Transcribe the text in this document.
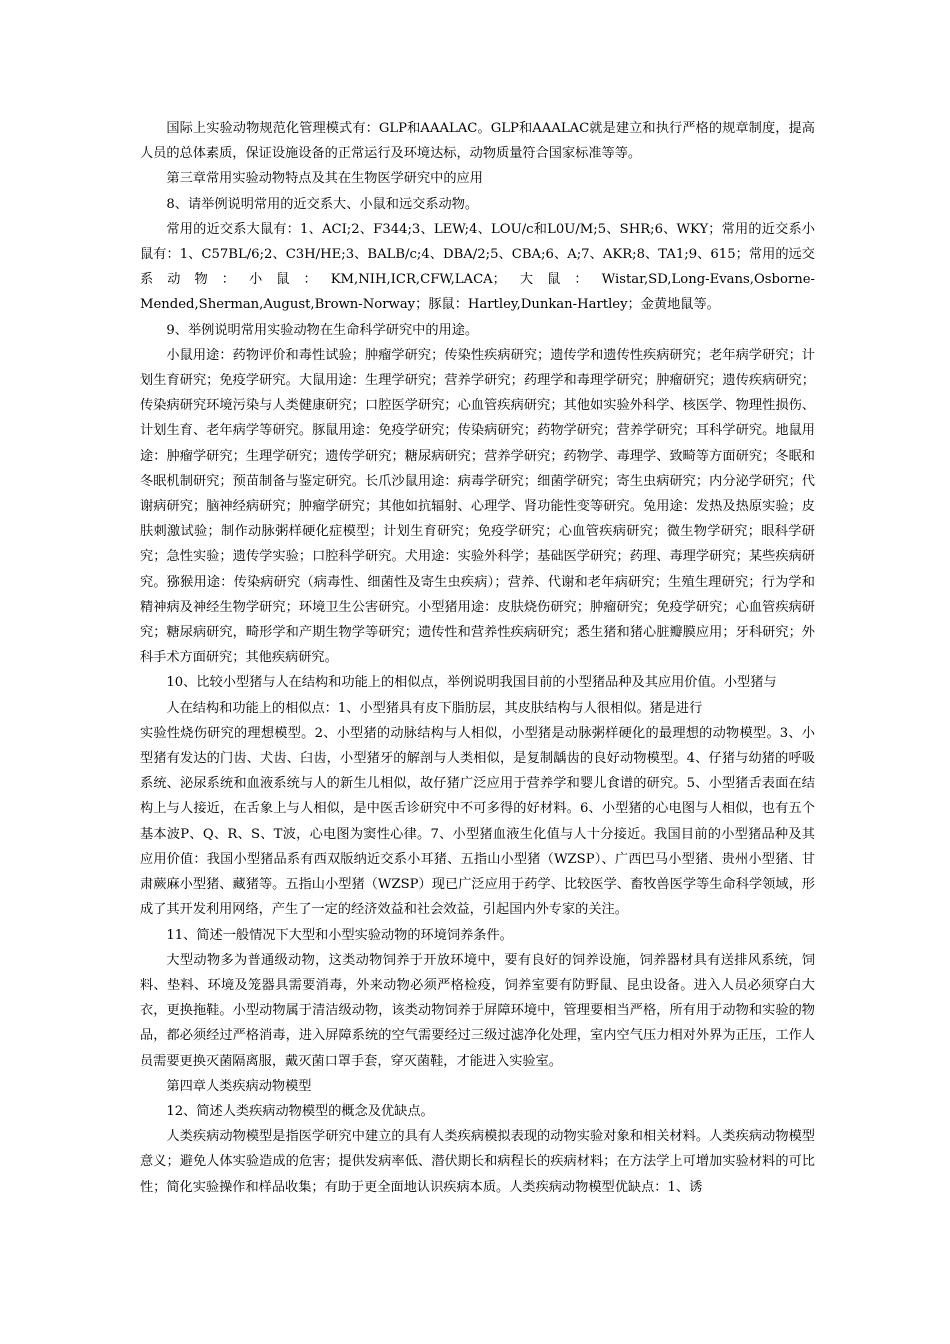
国际上实验动物规范化管理模式有：GLP和AAALAC。GLP和AAALAC就是建立和执行严格的规章制度，提高人员的总体素质，保证设施设备的正常运行及环境达标，动物质量符合国家标准等等。

第三章常用实验动物特点及其在生物医学研究中的应用

8、请举例说明常用的近交系大、小鼠和远交系动物。

常用的近交系大鼠有：1、ACI;2、F344;3、LEW;4、LOU/c和L0U/M;5、SHR;6、WKY；常用的近交系小鼠有：1、C57BL/6;2、C3H/HE;3、BALB/c;4、DBA/2;5、CBA;6、A;7、AKR;8、TA1;9、615；常用的远交系动物：小鼠：KM,NIH,ICR,CFW,LACA；大鼠：Wistar,SD,Long-Evans,Osborne-Mended,Sherman,August,Brown-Norway；豚鼠：Hartley,Dunkan-Hartley；金黄地鼠等。

9、举例说明常用实验动物在生命科学研究中的用途。

小鼠用途：药物评价和毒性试验；肿瘤学研究；传染性疾病研究；遗传学和遗传性疾病研究；老年病学研究；计划生育研究；免疫学研究。大鼠用途：生理学研究；营养学研究；药理学和毒理学研究；肿瘤研究；遗传疾病研究；传染病研究环境污染与人类健康研究；口腔医学研究；心血管疾病研究；其他如实验外科学、核医学、物理性损伤、计划生育、老年病学等研究。豚鼠用途：免疫学研究；传染病研究；药物学研究；营养学研究；耳科学研究。地鼠用途：肿瘤学研究；生理学研究；遗传学研究；糖尿病研究；营养学研究；药物学、毒理学、致畸等方面研究；冬眠和冬眠机制研究；预苗制备与鉴定研究。长爪沙鼠用途：病毒学研究；细菌学研究；寄生虫病研究；内分泌学研究；代谢病研究；脑神经病研究；肿瘤学研究；其他如抗辐射、心理学、肾功能性变等研究。兔用途：发热及热原实验；皮肤刺激试验；制作动脉粥样硬化症模型；计划生育研究；免疫学研究；心血管疾病研究；微生物学研究；眼科学研究；急性实验；遗传学实验；口腔科学研究。犬用途：实验外科学；基础医学研究；药理、毒理学研究；某些疾病研究。猕猴用途：传染病研究（病毒性、细菌性及寄生虫疾病）；营养、代谢和老年病研究；生殖生理研究；行为学和精神病及神经生物学研究；环境卫生公害研究。小型猪用途：皮肤烧伤研究；肿瘤研究；免疫学研究；心血管疾病研究；糖尿病研究，畸形学和产期生物学等研究；遗传性和营养性疾病研究；悉生猪和猪心脏瓣膜应用；牙科研究；外科手术方面研究；其他疾病研究。

10、比较小型猪与人在结构和功能上的相似点，举例说明我国目前的小型猪品种及其应用价值。小型猪与

人在结构和功能上的相似点：1、小型猪具有皮下脂肪层，其皮肤结构与人很相似。猪是进行

实验性烧伤研究的理想模型。2、小型猪的动脉结构与人相似，小型猪是动脉粥样硬化的最理想的动物模型。3、小型猪有发达的门齿、犬齿、臼齿，小型猪牙的解剖与人类相似，是复制龋齿的良好动物模型。4、仔猪与幼猪的呼吸系统、泌尿系统和血液系统与人的新生儿相似，故仔猪广泛应用于营养学和婴儿食谱的研究。5、小型猪舌表面在结构上与人接近，在舌象上与人相似，是中医舌诊研究中不可多得的好材料。6、小型猪的心电图与人相似，也有五个基本波P、Q、R、S、T波，心电图为窦性心律。7、小型猪血液生化值与人十分接近。我国目前的小型猪品种及其应用价值：我国小型猪品系有西双版纳近交系小耳猪、五指山小型猪（WZSP）、广西巴马小型猪、贵州小型猪、甘肃蕨麻小型猪、藏猪等。五指山小型猪（WZSP）现已广泛应用于药学、比较医学、畜牧兽医学等生命科学领域，形成了其开发利用网络，产生了一定的经济效益和社会效益，引起国内外专家的关注。

11、简述一般情况下大型和小型实验动物的环境饲养条件。

大型动物多为普通级动物，这类动物饲养于开放环境中，要有良好的饲养设施，饲养器材具有送排风系统，饲料、垫料、环境及笼器具需要消毒，外来动物必须严格检疫，饲养室要有防野鼠、昆虫设备。进入人员必须穿白大衣，更换拖鞋。小型动物属于清洁级动物，该类动物饲养于屏障环境中，管理要相当严格，所有用于动物和实验的物品，都必须经过严格消毒，进入屏障系统的空气需要经过三级过滤净化处理，室内空气压力相对外界为正压，工作人员需要更换灭菌隔离服，戴灭菌口罩手套，穿灭菌鞋，才能进入实验室。

第四章人类疾病动物模型

12、简述人类疾病动物模型的概念及优缺点。

人类疾病动物模型是指医学研究中建立的具有人类疾病模拟表现的动物实验对象和相关材料。人类疾病动物模型意义；避免人体实验造成的危害；提供发病率低、潜伏期长和病程长的疾病材料；在方法学上可增加实验材料的可比性；简化实验操作和样品收集；有助于更全面地认识疾病本质。人类疾病动物模型优缺点：1、诱
